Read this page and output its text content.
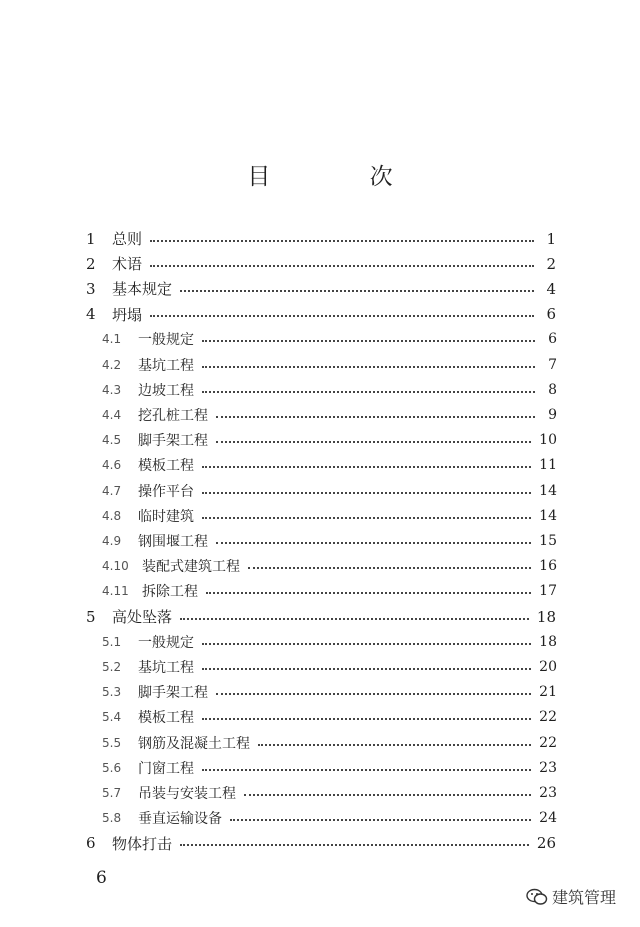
目 次
1	总则	1
2	术语	2
3	基本规定	4
4	坍塌	6
4.1	一般规定	6
4.2	基坑工程	7
4.3	边坡工程	8
4.4	挖孔桩工程	9
4.5	脚手架工程	10
4.6	模板工程	11
4.7	操作平台	14
4.8	临时建筑	14
4.9	钢围堰工程	15
4.10 装配式建筑工程	16
4.11 拆除工程	17
5	高处坠落	18
5.1	一般规定	18
5.2	基坑工程	20
5.3	脚手架工程	21
5.4	模板工程	22
5.5	钢筋及混凝土工程	22
5.6	门窗工程	23
5.7	吊装与安装工程	23
5.8	垂直运输设备	24
6	物体打击	26
6
建筑管理
